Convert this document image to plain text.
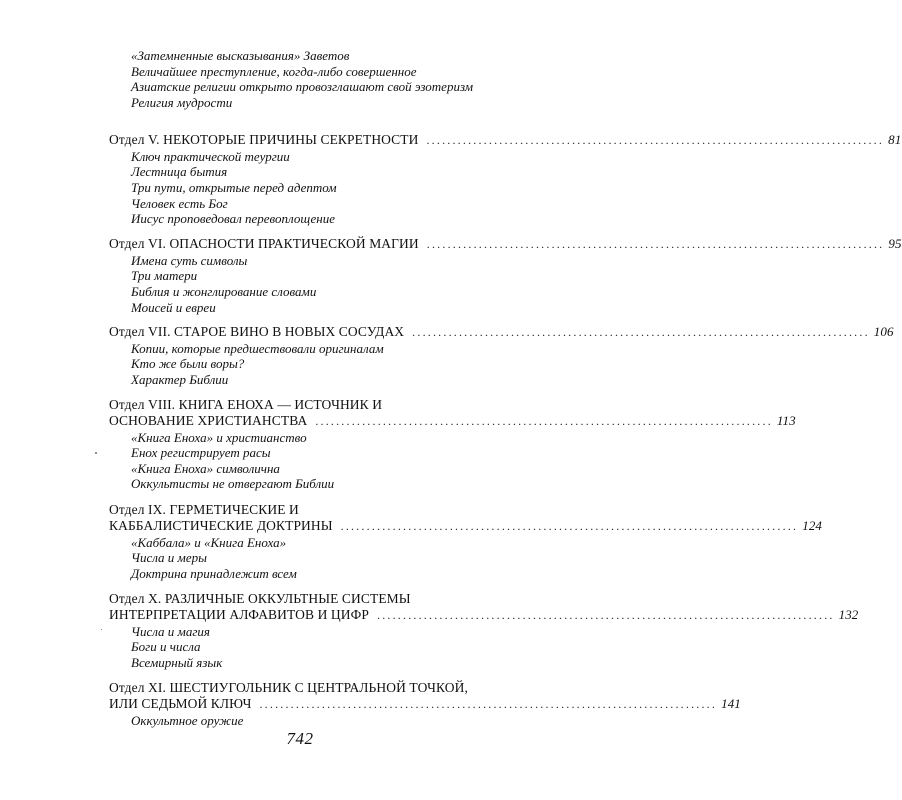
«Затемненные высказывания» Заветов
Величайшее преступление, когда-либо совершенное
Азиатские религии открыто провозглашают свой эзотеризм
Религия мудрости
Отдел V. НЕКОТОРЫЕ ПРИЧИНЫ СЕКРЕТНОСТИ ........................................................................................ 81
Ключ практической теургии
Лестница бытия
Три пути, открытые перед адептом
Человек есть Бог
Иисус проповедовал перевоплощение
Отдел VI. ОПАСНОСТИ ПРАКТИЧЕСКОЙ МАГИИ ........................................................................................ 95
Имена суть символы
Три матери
Библия и жонглирование словами
Моисей и евреи
Отдел VII. СТАРОЕ ВИНО В НОВЫХ СОСУДАХ ........................................................................................ 106
Копии, которые предшествовали оригиналам
Кто же были воры?
Характер Библии
Отдел VIII. КНИГА ЕНОХА — ИСТОЧНИК И
ОСНОВАНИЕ ХРИСТИАНСТВА ........................................................................................ 113
«Книга Еноха» и христианство
Енох регистрирует расы
«Книга Еноха» символична
Оккультисты не отвергают Библии
Отдел IX. ГЕРМЕТИЧЕСКИЕ И
КАББАЛИСТИЧЕСКИЕ ДОКТРИНЫ ........................................................................................ 124
«Каббала» и «Книга Еноха»
Числа и меры
Доктрина принадлежит всем
Отдел X. РАЗЛИЧНЫЕ ОККУЛЬТНЫЕ СИСТЕМЫ
ИНТЕРПРЕТАЦИИ АЛФАВИТОВ И ЦИФР ........................................................................................ 132
Числа и магия
Боги и числа
Всемирный язык
Отдел XI. ШЕСТИУГОЛЬНИК С ЦЕНТРАЛЬНОЙ ТОЧКОЙ,
ИЛИ СЕДЬМОЙ КЛЮЧ ........................................................................................ 141
Оккультное оружие
742
